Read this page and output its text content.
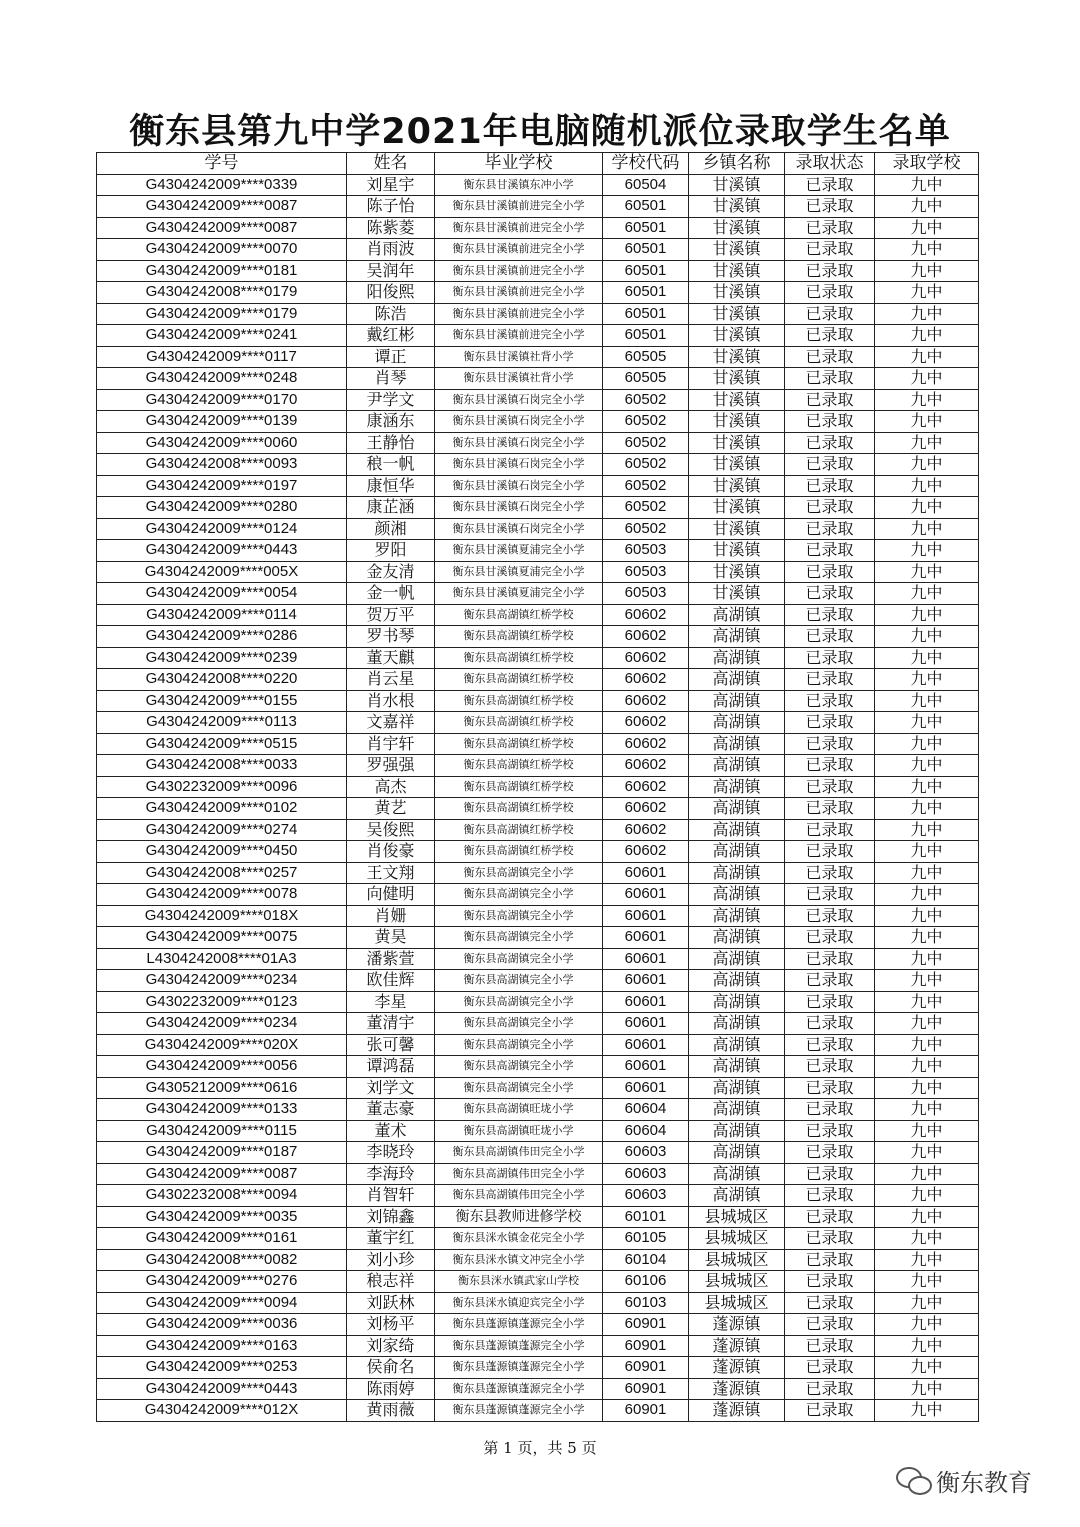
衡东县第九中学2021年电脑随机派位录取学生名单
学号	姓名	毕业学校	学校代码	乡镇名称	录取状态	录取学校
G4304242009****0339	刘星宇	衡东县甘溪镇东冲小学	60504	甘溪镇	已录取	九中
G4304242009****0087	陈子怡	衡东县甘溪镇前进完全小学	60501	甘溪镇	已录取	九中
G4304242009****0087	陈紫菱	衡东县甘溪镇前进完全小学	60501	甘溪镇	已录取	九中
G4304242009****0070	肖雨波	衡东县甘溪镇前进完全小学	60501	甘溪镇	已录取	九中
G4304242009****0181	吴润年	衡东县甘溪镇前进完全小学	60501	甘溪镇	已录取	九中
G4304242008****0179	阳俊熙	衡东县甘溪镇前进完全小学	60501	甘溪镇	已录取	九中
G4304242009****0179	陈浩	衡东县甘溪镇前进完全小学	60501	甘溪镇	已录取	九中
G4304242009****0241	戴红彬	衡东县甘溪镇前进完全小学	60501	甘溪镇	已录取	九中
G4304242009****0117	谭正	衡东县甘溪镇社背小学	60505	甘溪镇	已录取	九中
G4304242009****0248	肖琴	衡东县甘溪镇社背小学	60505	甘溪镇	已录取	九中
G4304242009****0170	尹学文	衡东县甘溪镇石岗完全小学	60502	甘溪镇	已录取	九中
G4304242009****0139	康涵东	衡东县甘溪镇石岗完全小学	60502	甘溪镇	已录取	九中
G4304242009****0060	王静怡	衡东县甘溪镇石岗完全小学	60502	甘溪镇	已录取	九中
G4304242008****0093	稂一帆	衡东县甘溪镇石岗完全小学	60502	甘溪镇	已录取	九中
G4304242009****0197	康恒华	衡东县甘溪镇石岗完全小学	60502	甘溪镇	已录取	九中
G4304242009****0280	康芷涵	衡东县甘溪镇石岗完全小学	60502	甘溪镇	已录取	九中
G4304242009****0124	颜湘	衡东县甘溪镇石岗完全小学	60502	甘溪镇	已录取	九中
G4304242009****0443	罗阳	衡东县甘溪镇夏浦完全小学	60503	甘溪镇	已录取	九中
G4304242009****005X	金友清	衡东县甘溪镇夏浦完全小学	60503	甘溪镇	已录取	九中
G4304242009****0054	金一帆	衡东县甘溪镇夏浦完全小学	60503	甘溪镇	已录取	九中
G4304242009****0114	贺万平	衡东县高湖镇红桥学校	60602	高湖镇	已录取	九中
G4304242009****0286	罗书琴	衡东县高湖镇红桥学校	60602	高湖镇	已录取	九中
G4304242009****0239	董天麒	衡东县高湖镇红桥学校	60602	高湖镇	已录取	九中
G4304242008****0220	肖云星	衡东县高湖镇红桥学校	60602	高湖镇	已录取	九中
G4304242009****0155	肖水根	衡东县高湖镇红桥学校	60602	高湖镇	已录取	九中
G4304242009****0113	文嘉祥	衡东县高湖镇红桥学校	60602	高湖镇	已录取	九中
G4304242009****0515	肖宇轩	衡东县高湖镇红桥学校	60602	高湖镇	已录取	九中
G4304242008****0033	罗强强	衡东县高湖镇红桥学校	60602	高湖镇	已录取	九中
G4302232009****0096	高杰	衡东县高湖镇红桥学校	60602	高湖镇	已录取	九中
G4304242009****0102	黄艺	衡东县高湖镇红桥学校	60602	高湖镇	已录取	九中
G4304242009****0274	吴俊熙	衡东县高湖镇红桥学校	60602	高湖镇	已录取	九中
G4304242009****0450	肖俊豪	衡东县高湖镇红桥学校	60602	高湖镇	已录取	九中
G4304242008****0257	王文翔	衡东县高湖镇完全小学	60601	高湖镇	已录取	九中
G4304242009****0078	向健明	衡东县高湖镇完全小学	60601	高湖镇	已录取	九中
G4304242009****018X	肖姗	衡东县高湖镇完全小学	60601	高湖镇	已录取	九中
G4304242009****0075	黄昊	衡东县高湖镇完全小学	60601	高湖镇	已录取	九中
L4304242008****01A3	潘紫萱	衡东县高湖镇完全小学	60601	高湖镇	已录取	九中
G4304242009****0234	欧佳辉	衡东县高湖镇完全小学	60601	高湖镇	已录取	九中
G4302232009****0123	李星	衡东县高湖镇完全小学	60601	高湖镇	已录取	九中
G4304242009****0234	董清宇	衡东县高湖镇完全小学	60601	高湖镇	已录取	九中
G4304242009****020X	张可馨	衡东县高湖镇完全小学	60601	高湖镇	已录取	九中
G4304242009****0056	谭鸿磊	衡东县高湖镇完全小学	60601	高湖镇	已录取	九中
G4305212009****0616	刘学文	衡东县高湖镇完全小学	60601	高湖镇	已录取	九中
G4304242009****0133	董志豪	衡东县高湖镇旺垅小学	60604	高湖镇	已录取	九中
G4304242009****0115	董术	衡东县高湖镇旺垅小学	60604	高湖镇	已录取	九中
G4304242009****0187	李晓玲	衡东县高湖镇伟田完全小学	60603	高湖镇	已录取	九中
G4304242009****0087	李海玲	衡东县高湖镇伟田完全小学	60603	高湖镇	已录取	九中
G4302232008****0094	肖智轩	衡东县高湖镇伟田完全小学	60603	高湖镇	已录取	九中
G4304242009****0035	刘锦鑫	衡东县教师进修学校	60101	县城城区	已录取	九中
G4304242009****0161	董宇红	衡东县洣水镇金花完全小学	60105	县城城区	已录取	九中
G4304242008****0082	刘小珍	衡东县洣水镇文冲完全小学	60104	县城城区	已录取	九中
G4304242009****0276	稂志祥	衡东县洣水镇武家山学校	60106	县城城区	已录取	九中
G4304242009****0094	刘跃林	衡东县洣水镇迎宾完全小学	60103	县城城区	已录取	九中
G4304242009****0036	刘杨平	衡东县蓬源镇蓬源完全小学	60901	蓬源镇	已录取	九中
G4304242009****0163	刘家绮	衡东县蓬源镇蓬源完全小学	60901	蓬源镇	已录取	九中
G4304242009****0253	侯俞名	衡东县蓬源镇蓬源完全小学	60901	蓬源镇	已录取	九中
G4304242009****0443	陈雨婷	衡东县蓬源镇蓬源完全小学	60901	蓬源镇	已录取	九中
G4304242009****012X	黄雨薇	衡东县蓬源镇蓬源完全小学	60901	蓬源镇	已录取	九中
第 1 页，共 5 页
衡东教育
